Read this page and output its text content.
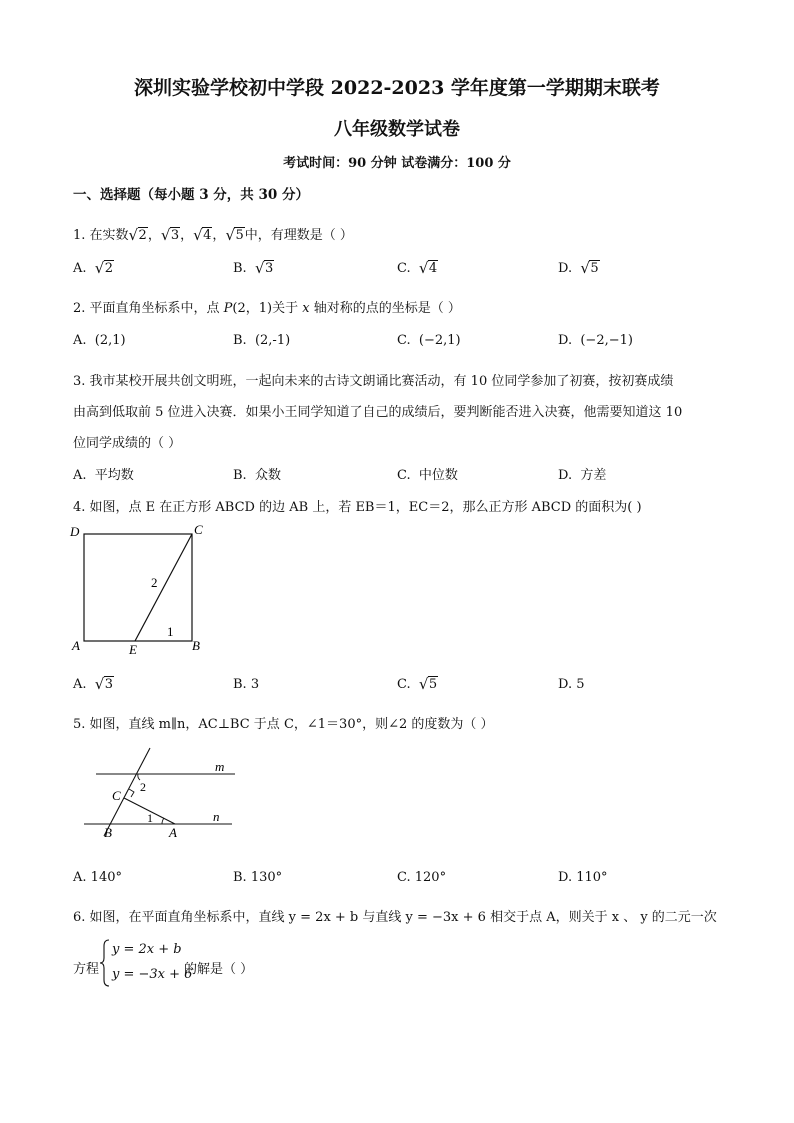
深圳实验学校初中学段 2022-2023 学年度第一学期期末联考
八年级数学试卷
考试时间：90 分钟 试卷满分：100 分
一、选择题（每小题 3 分，共 30 分）
1. 在实数 √ 2， √ 3， √ 4， √ 5中，有理数是（ ）
A. √ 2	B. √ 3	C. √ 4	D. √ 5
2. 平面直角坐标系中，点 P(2，1)关于 x 轴对称的点的坐标是（ ）
A. (2,1)	B. (2,-1)	C. (−2,1)	D. (−2,−1)
3. 我市某校开展共创文明班，一起向未来的古诗文朗诵比赛活动，有 10 位同学参加了初赛，按初赛成绩
由高到低取前 5 位进入决赛．如果小王同学知道了自己的成绩后，要判断能否进入决赛，他需要知道这 10
位同学成绩的（ ）
A. 平均数	B. 众数	C. 中位数	D. 方差
4. 如图，点 E 在正方形 ABCD 的边 AB 上，若 EB＝1，EC＝2，那么正方形 ABCD 的面积为( )
D	C
A	B
E
2
1
A. √ 3	B. 3	C. √ 5	D. 5
5. 如图，直线 m∥n，AC⊥BC 于点 C，∠1＝30°，则∠2 的度数为（ ）
m
n
C
B	A
1
2
A. 140°	B. 130°	C. 120°	D. 110°
6. 如图，在平面直角坐标系中，直线 y = 2x + b 与直线 y = −3x + 6 相交于点 A，则关于 x 、 y 的二元一次
方程
y = 2x + b
y = −3x + 6
的解是（ ）
